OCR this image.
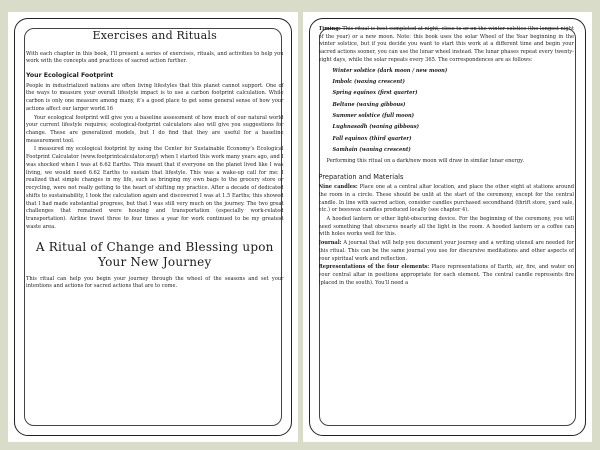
Exercises and Rituals

With each chapter in this book, I’ll present a series of exercises, rituals, and activities to help you work with the concepts and practices of sacred action further.

Your Ecological Footprint

People in industrialized nations are often living lifestyles that this planet cannot support. One of the ways to measure your overall lifestyle impact is to use a carbon footprint calculation. While carbon is only one measure among many, it’s a good place to get some general sense of how your actions affect our larger world.16

Your ecological footprint will give you a baseline assessment of how much of our natural world your current lifestyle requires; ecological-footprint calculators also will give you suggestions for change. These are generalized models, but I do find that they are useful for a baseline measurement tool.

I measured my ecological footprint by using the Center for Sustainable Economy’s Ecological Footprint Calculator (www.footprintcalculator.org/) when I started this work many years ago, and I was shocked when I was at 6.62 Earths. This meant that if everyone on the planet lived like I was living, we would need 6.62 Earths to sustain that lifestyle. This was a wake-up call for me: I realized that simple changes in my life, such as bringing my own bags to the grocery store or recycling, were not really getting to the heart of shifting my practice. After a decade of dedicated shifts to sustainability, I took the calculation again and discovered I was at 1.5 Earths; this showed that I had made substantial progress, but that I was still very much on the journey. The two great challenges that remained were housing and transportation (especially work-related transportation). Airline travel three to four times a year for work continued to be my greatest waste area.

A Ritual of Change and Blessing upon Your New Journey

This ritual can help you begin your journey through the wheel of the seasons and set your intentions and actions for sacred actions that are to come.

Timing: This ritual is best completed at night, close to or on the winter solstice (the longest night of the year) or a new moon. Note: this book uses the solar Wheel of the Year beginning in the winter solstice, but if you decide you want to start this work at a different time and begin your sacred actions sooner, you can use the lunar wheel instead. The lunar phases repeat every twenty-eight days, while the solar repeats every 365. The correspondences are as follows:

Winter solstice (dark moon / new moon)
Imbolc (waxing crescent)
Spring equinox (first quarter)
Beltane (waxing gibbous)
Summer solstice (full moon)
Lughnasadh (waning gibbous)
Fall equinox (third quarter)
Samhain (waning crescent)

Performing this ritual on a dark/new moon will draw in similar lunar energy.

Preparation and Materials

Nine candles: Place one at a central altar location, and place the other eight at stations around the room in a circle. These should be unlit at the start of the ceremony, except for the central candle. In line with sacred action, consider candles purchased secondhand (thrift store, yard sale, etc.) or beeswax candles produced locally (see chapter 4).

A hooded lantern or other light-obscuring device. For the beginning of the ceremony, you will need something that obscures nearly all the light in the room. A hooded lantern or a coffee can with holes works well for this.

Journal: A journal that will help you document your journey and a writing utensil are needed for this ritual. This can be the same journal you use for discursive meditations and other aspects of your spiritual work and reflection.

Representations of the four elements: Place representations of Earth, air, fire, and water on your central altar in positions appropriate for each element. The central candle represents fire (placed in the south). You’ll need a
